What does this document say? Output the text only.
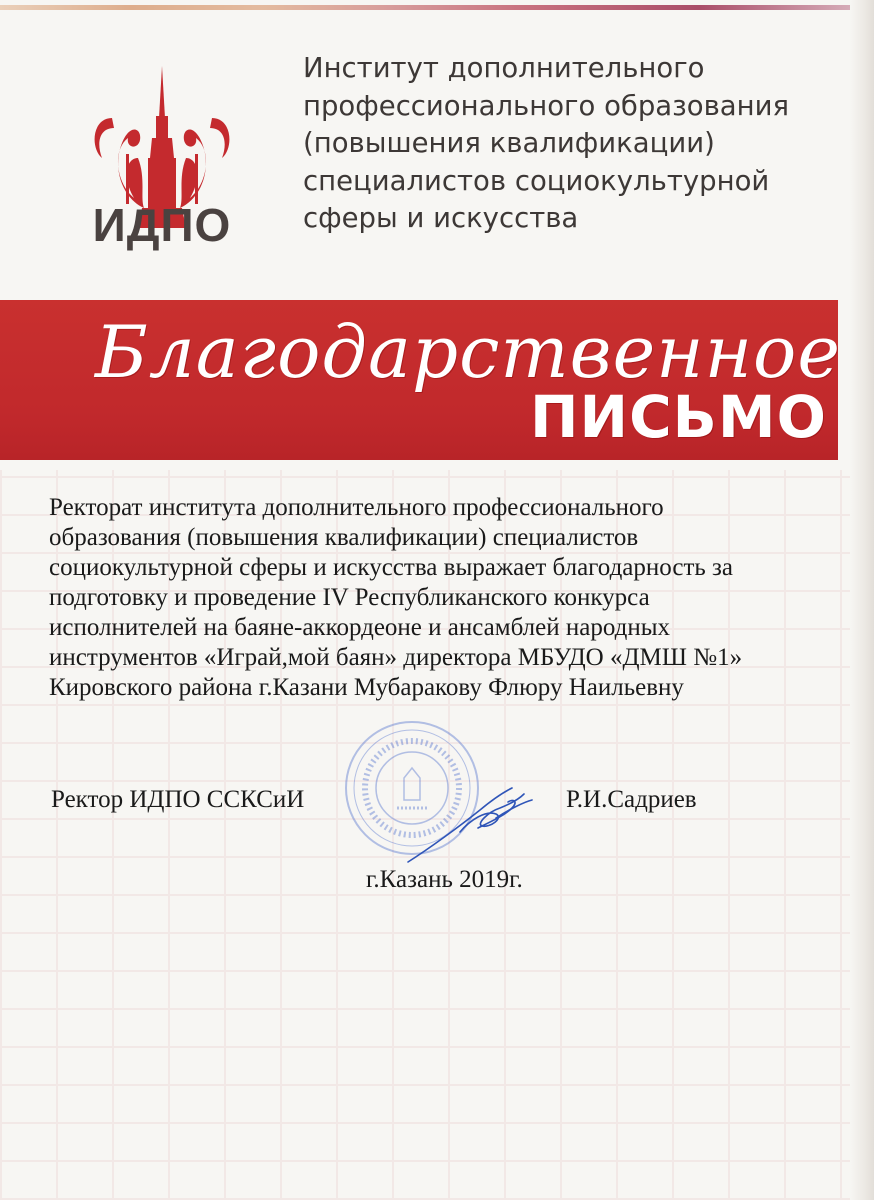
ИДПО
Институт дополнительного
профессионального образования
(повышения квалификации)
специалистов социокультурной
сферы и искусства
Благодарственное
ПИСЬМО
Ректорат института дополнительного профессионального
образования (повышения квалификации) специалистов
социокультурной сферы и искусства выражает благодарность за
подготовку и проведение IV Республиканского конкурса
исполнителей на баяне-аккордеоне и ансамблей народных
инструментов «Играй,мой баян» директора МБУДО «ДМШ №1»
Кировского района г.Казани Мубаракову Флюру Наильевну
Ректор ИДПО ССКСиИ	Р.И.Садриев
г.Казань 2019г.
